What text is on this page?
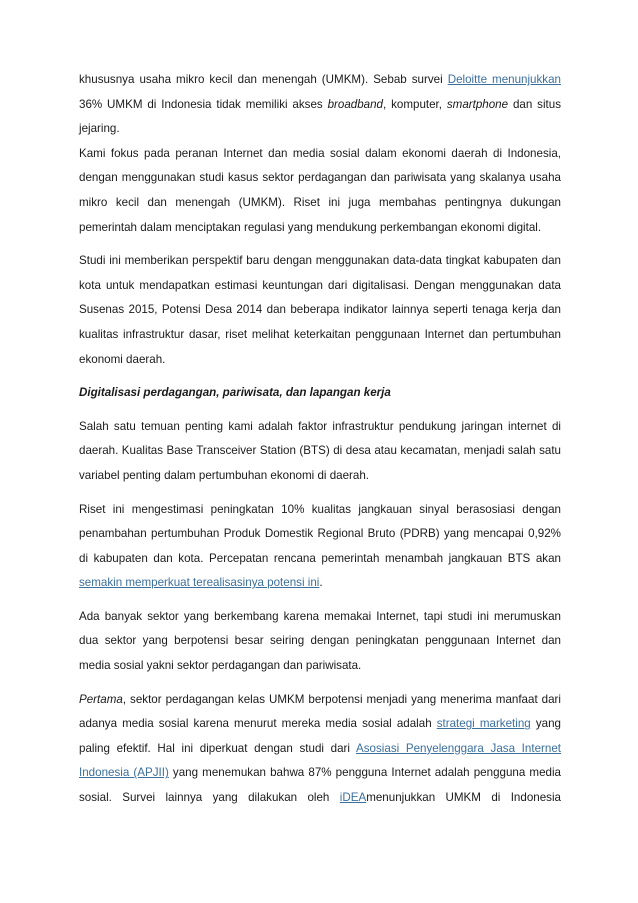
khususnya usaha mikro kecil dan menengah (UMKM). Sebab survei Deloitte menunjukkan 36% UMKM di Indonesia tidak memiliki akses broadband, komputer, smartphone dan situs jejaring.

Kami fokus pada peranan Internet dan media sosial dalam ekonomi daerah di Indonesia, dengan menggunakan studi kasus sektor perdagangan dan pariwisata yang skalanya usaha mikro kecil dan menengah (UMKM). Riset ini juga membahas pentingnya dukungan pemerintah dalam menciptakan regulasi yang mendukung perkembangan ekonomi digital.

Studi ini memberikan perspektif baru dengan menggunakan data-data tingkat kabupaten dan kota untuk mendapatkan estimasi keuntungan dari digitalisasi. Dengan menggunakan data Susenas 2015, Potensi Desa 2014 dan beberapa indikator lainnya seperti tenaga kerja dan kualitas infrastruktur dasar, riset melihat keterkaitan penggunaan Internet dan pertumbuhan ekonomi daerah.

Digitalisasi perdagangan, pariwisata, dan lapangan kerja

Salah satu temuan penting kami adalah faktor infrastruktur pendukung jaringan internet di daerah. Kualitas Base Transceiver Station (BTS) di desa atau kecamatan, menjadi salah satu variabel penting dalam pertumbuhan ekonomi di daerah.

Riset ini mengestimasi peningkatan 10% kualitas jangkauan sinyal berasosiasi dengan penambahan pertumbuhan Produk Domestik Regional Bruto (PDRB) yang mencapai 0,92% di kabupaten dan kota. Percepatan rencana pemerintah menambah jangkauan BTS akan semakin memperkuat terealisasinya potensi ini.

Ada banyak sektor yang berkembang karena memakai Internet, tapi studi ini merumuskan dua sektor yang berpotensi besar seiring dengan peningkatan penggunaan Internet dan media sosial yakni sektor perdagangan dan pariwisata.

Pertama, sektor perdagangan kelas UMKM berpotensi menjadi yang menerima manfaat dari adanya media sosial karena menurut mereka media sosial adalah strategi marketing yang paling efektif. Hal ini diperkuat dengan studi dari Asosiasi Penyelenggara Jasa Internet Indonesia (APJII) yang menemukan bahwa 87% pengguna Internet adalah pengguna media sosial. Survei lainnya yang dilakukan oleh iDEAmenunjukkan UMKM di Indonesia
